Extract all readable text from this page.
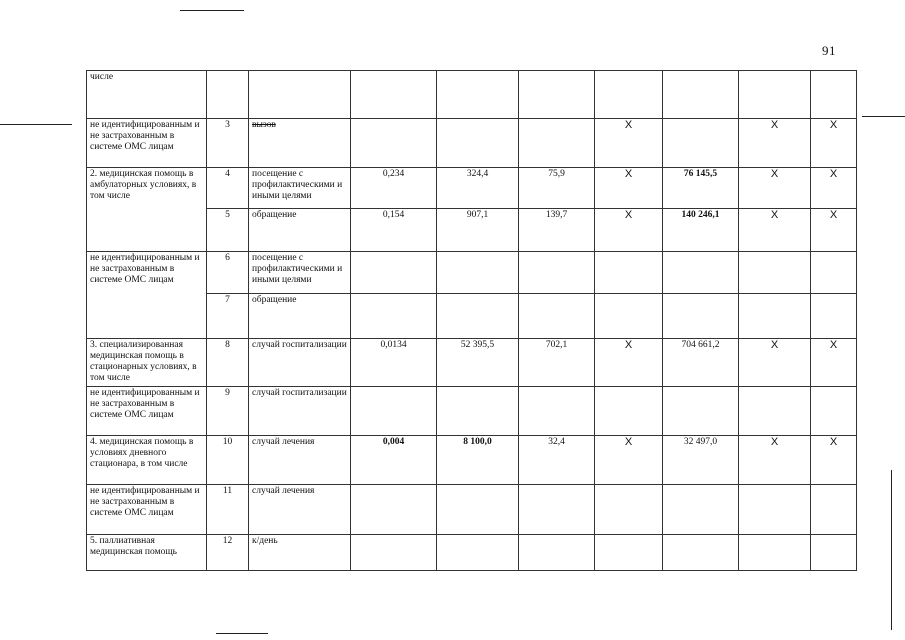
91
числе									
не идентифицированным и не застрахованным в системе ОМС лицам	3	вызов				X		X	X
2. медицинская помощь в амбулаторных условиях, в том числе	4	посещение с профилактическими и иными целями	0,234	324,4	75,9	X	76 145,5	X	X
	5	обращение	0,154	907,1	139,7	X	140 246,1	X	X
не идентифицированным и не застрахованным в системе ОМС лицам	6	посещение с профилактическими и иными целями							
	7	обращение							
3. специализированная медицинская помощь в стационарных условиях, в том числе	8	случай госпитализации	0,0134	52 395,5	702,1	X	704 661,2	X	X
не идентифицированным и не застрахованным в системе ОМС лицам	9	случай госпитализации							
4. медицинская помощь в условиях дневного стационара, в том числе	10	случай лечения	0,004	8 100,0	32,4	X	32 497,0	X	X
не идентифицированным и не застрахованным в системе ОМС лицам	11	случай лечения							
5. паллиативная медицинская помощь	12	к/день							
